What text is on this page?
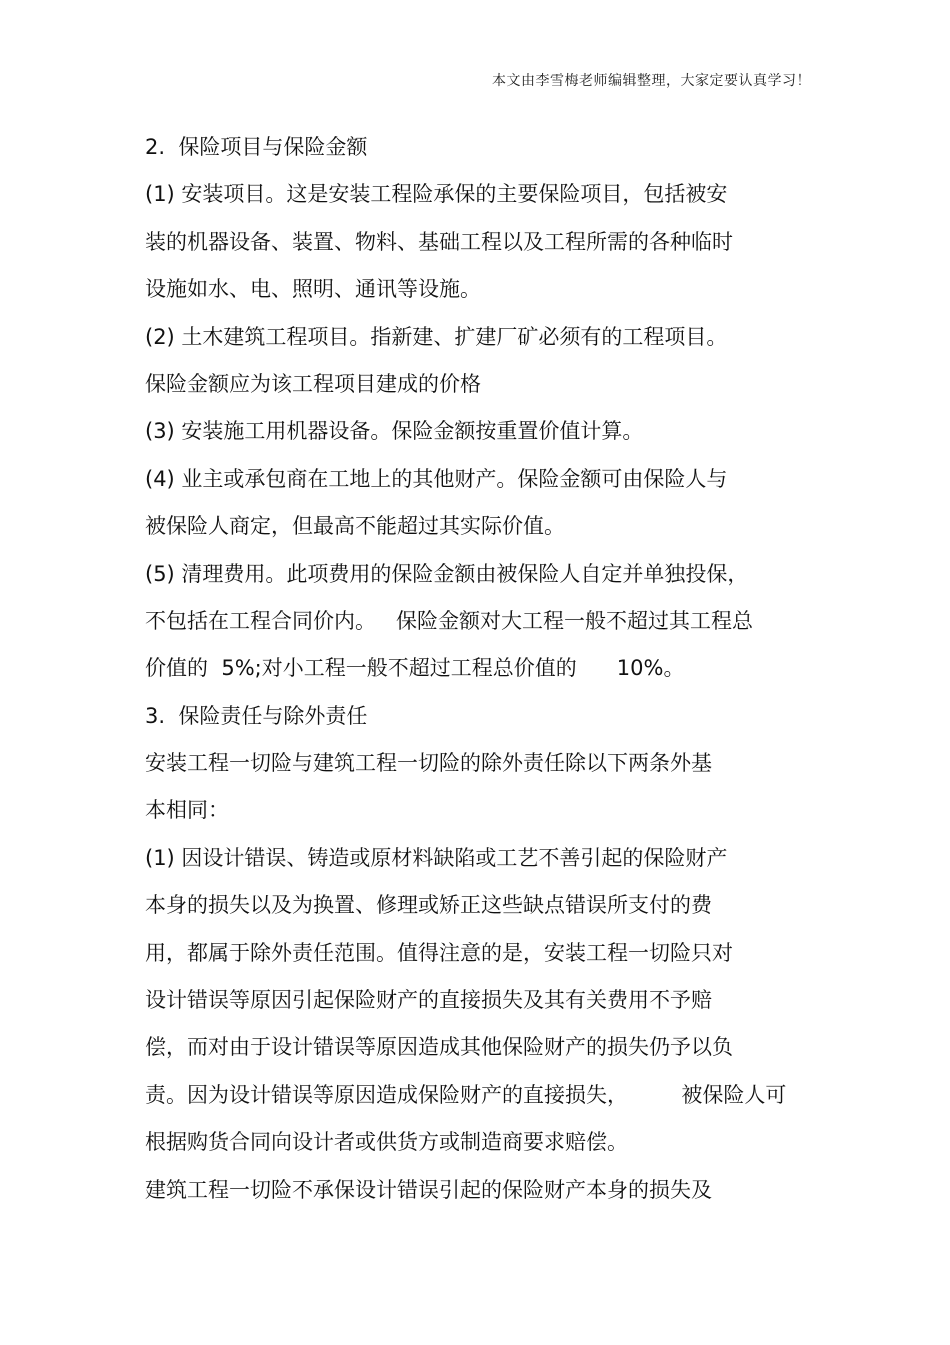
本文由李雪梅老师编辑整理，大家定要认真学习！
2.  保险项目与保险金额
(1) 安装项目。这是安装工程险承保的主要保险项目，包括被安
装的机器设备、装置、物料、基础工程以及工程所需的各种临时
设施如水、电、照明、通讯等设施。
(2) 土木建筑工程项目。指新建、扩建厂矿必须有的工程项目。
保险金额应为该工程项目建成的价格
(3) 安装施工用机器设备。保险金额按重置价值计算。
(4) 业主或承包商在工地上的其他财产。保险金额可由保险人与
被保险人商定，但最高不能超过其实际价值。
(5) 清理费用。此项费用的保险金额由被保险人自定并单独投保，
不包括在工程合同价内。   保险金额对大工程一般不超过其工程总
价值的  5%;对小工程一般不超过工程总价值的      10%。
3.  保险责任与除外责任
安装工程一切险与建筑工程一切险的除外责任除以下两条外基
本相同：
(1) 因设计错误、铸造或原材料缺陷或工艺不善引起的保险财产
本身的损失以及为换置、修理或矫正这些缺点错误所支付的费
用，都属于除外责任范围。值得注意的是，安装工程一切险只对
设计错误等原因引起保险财产的直接损失及其有关费用不予赔
偿，而对由于设计错误等原因造成其他保险财产的损失仍予以负
责。因为设计错误等原因造成保险财产的直接损失，        被保险人可
根据购货合同向设计者或供货方或制造商要求赔偿。
建筑工程一切险不承保设计错误引起的保险财产本身的损失及
